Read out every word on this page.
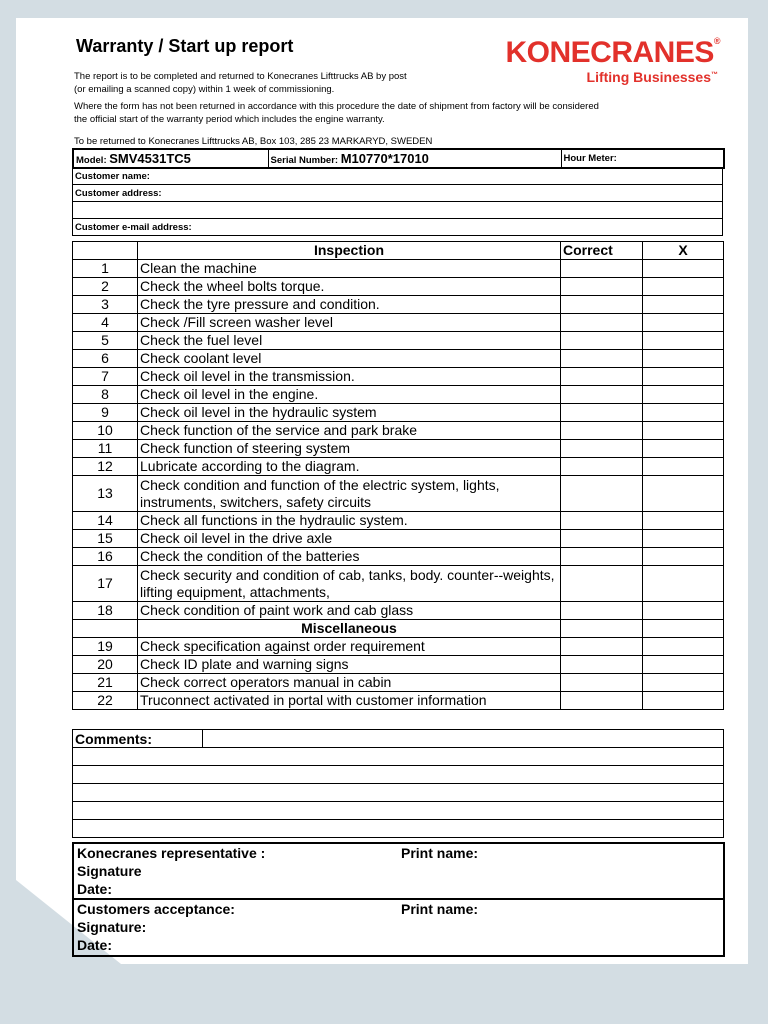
Warranty / Start up report
The report is to be completed and returned to Konecranes Lifttrucks AB by post
(or emailing a scanned copy) within 1 week of commissioning.
Where the form has not been returned in accordance with this procedure the date of shipment from factory will be considered
the official start of the warranty period which includes the engine warranty.
To be returned to Konecranes Lifttrucks AB, Box 103, 285 23 MARKARYD, SWEDEN
KONECRANES®
Lifting Businesses™
Model: SMV4531TC5	Serial Number: M10770*17010	Hour Meter:
Customer name:
Customer address:

Customer e-mail address:
	Inspection	Correct	X
1	Clean the machine		
2	Check the wheel bolts torque.		
3	Check the tyre pressure and condition.		
4	Check /Fill screen washer level		
5	Check the fuel level		
6	Check coolant level		
7	Check oil level in the transmission.		
8	Check oil level in the engine.		
9	Check oil level in the hydraulic system		
10	Check function of the service and park brake		
11	Check function of steering system		
12	Lubricate according to the diagram.		
13	Check condition and function of the electric system, lights, instruments, switchers, safety circuits		
14	Check all functions in the hydraulic system.		
15	Check oil level in the drive axle		
16	Check the condition of the batteries		
17	Check security and condition of cab, tanks, body. counter--weights, lifting equipment, attachments,		
18	Check condition of paint work and cab glass		
	Miscellaneous		
19	Check specification against order requirement		
20	Check ID plate and warning signs		
21	Check correct operators manual in cabin		
22	Truconnect activated in portal with customer information		
Comments:	

Konecranes representative :	Print name:
Signature
Date:
Customers acceptance:	Print name:
Signature:
Date:
